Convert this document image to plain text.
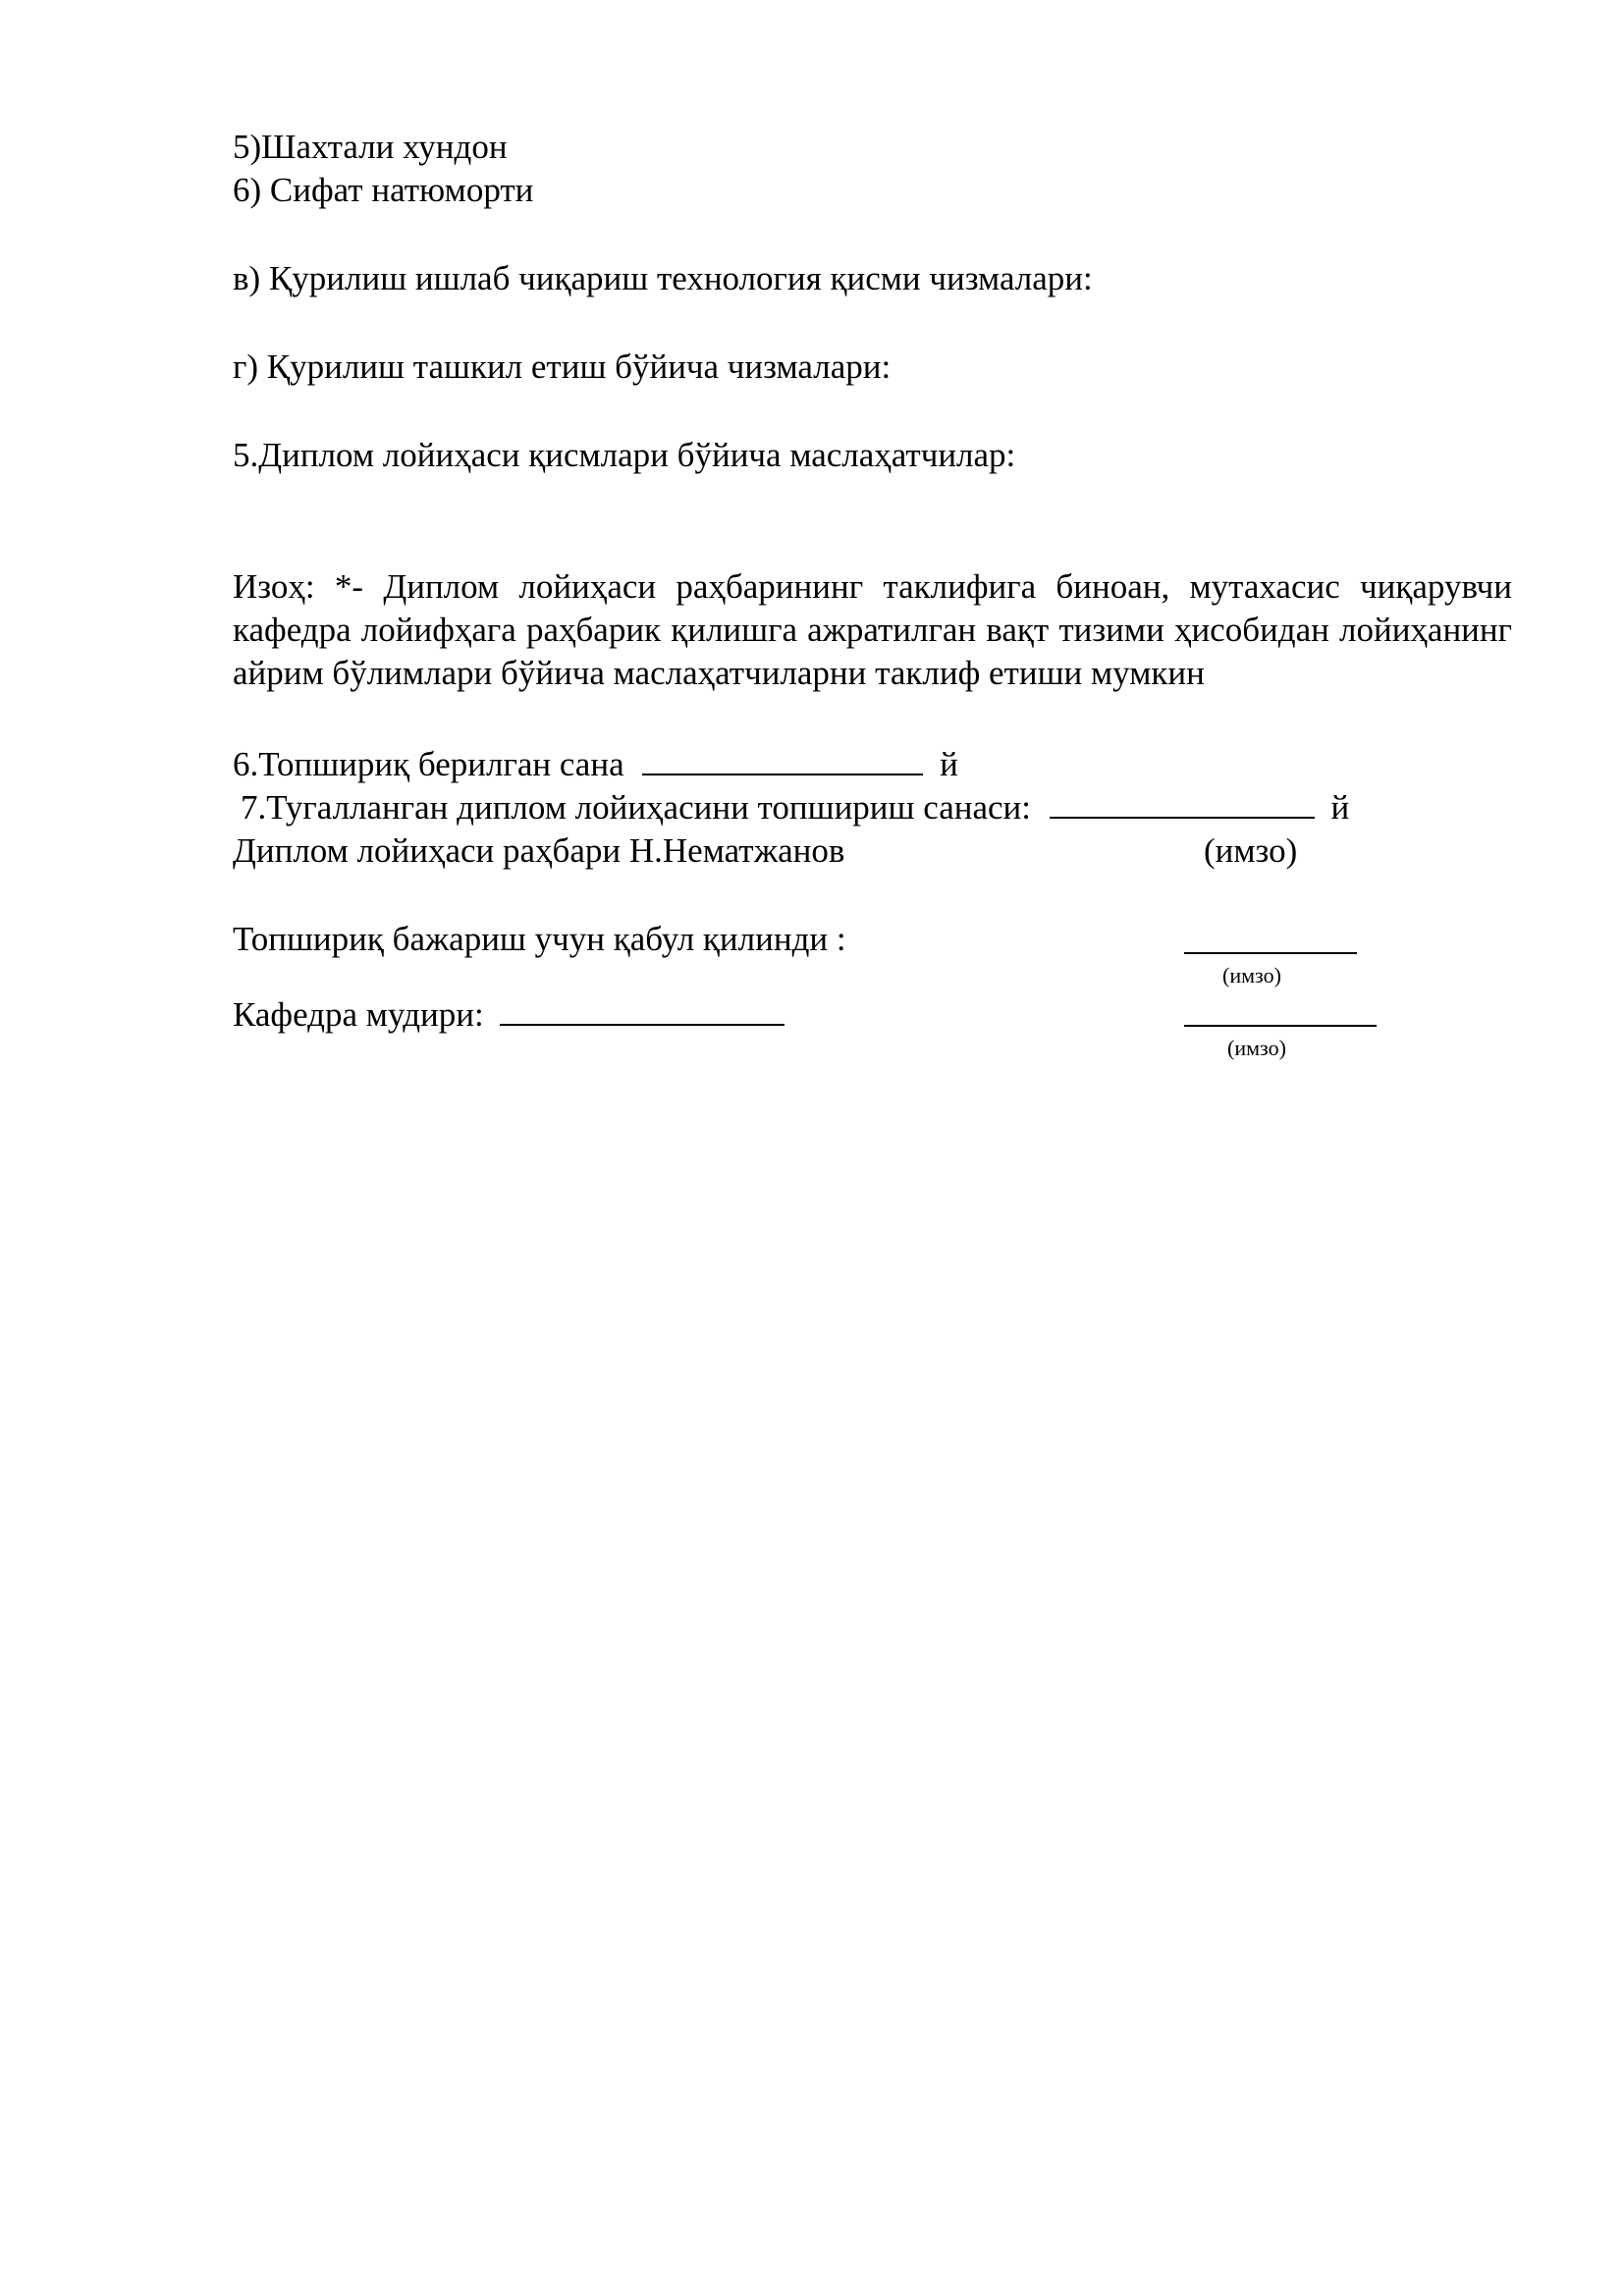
5)Шахтали хундон
6) Сифат натюморти
в) Қурилиш ишлаб чиқариш технология қисми чизмалари:
г) Қурилиш ташкил етиш бўйича чизмалари:
5.Диплом лойиҳаси қисмлари бўйича маслаҳатчилар:
Изоҳ: *- Диплом лойиҳаси раҳбарининг таклифига биноан, мутахасис чиқарувчи кафедра лойифҳага раҳбарик қилишга ажратилган вақт тизими ҳисобидан лойиҳанинг айрим бўлимлари бўйича маслаҳатчиларни таклиф етиши мумкин
6.Топшириқ берилган сана	й
7.Тугалланган диплом лойиҳасини топшириш санаси:	й
Диплом лойиҳаси раҳбари Н.Нематжанов	(имзо)
Топшириқ бажариш учун қабул қилинди :
(имзо)
Кафедра мудири:
(имзо)
